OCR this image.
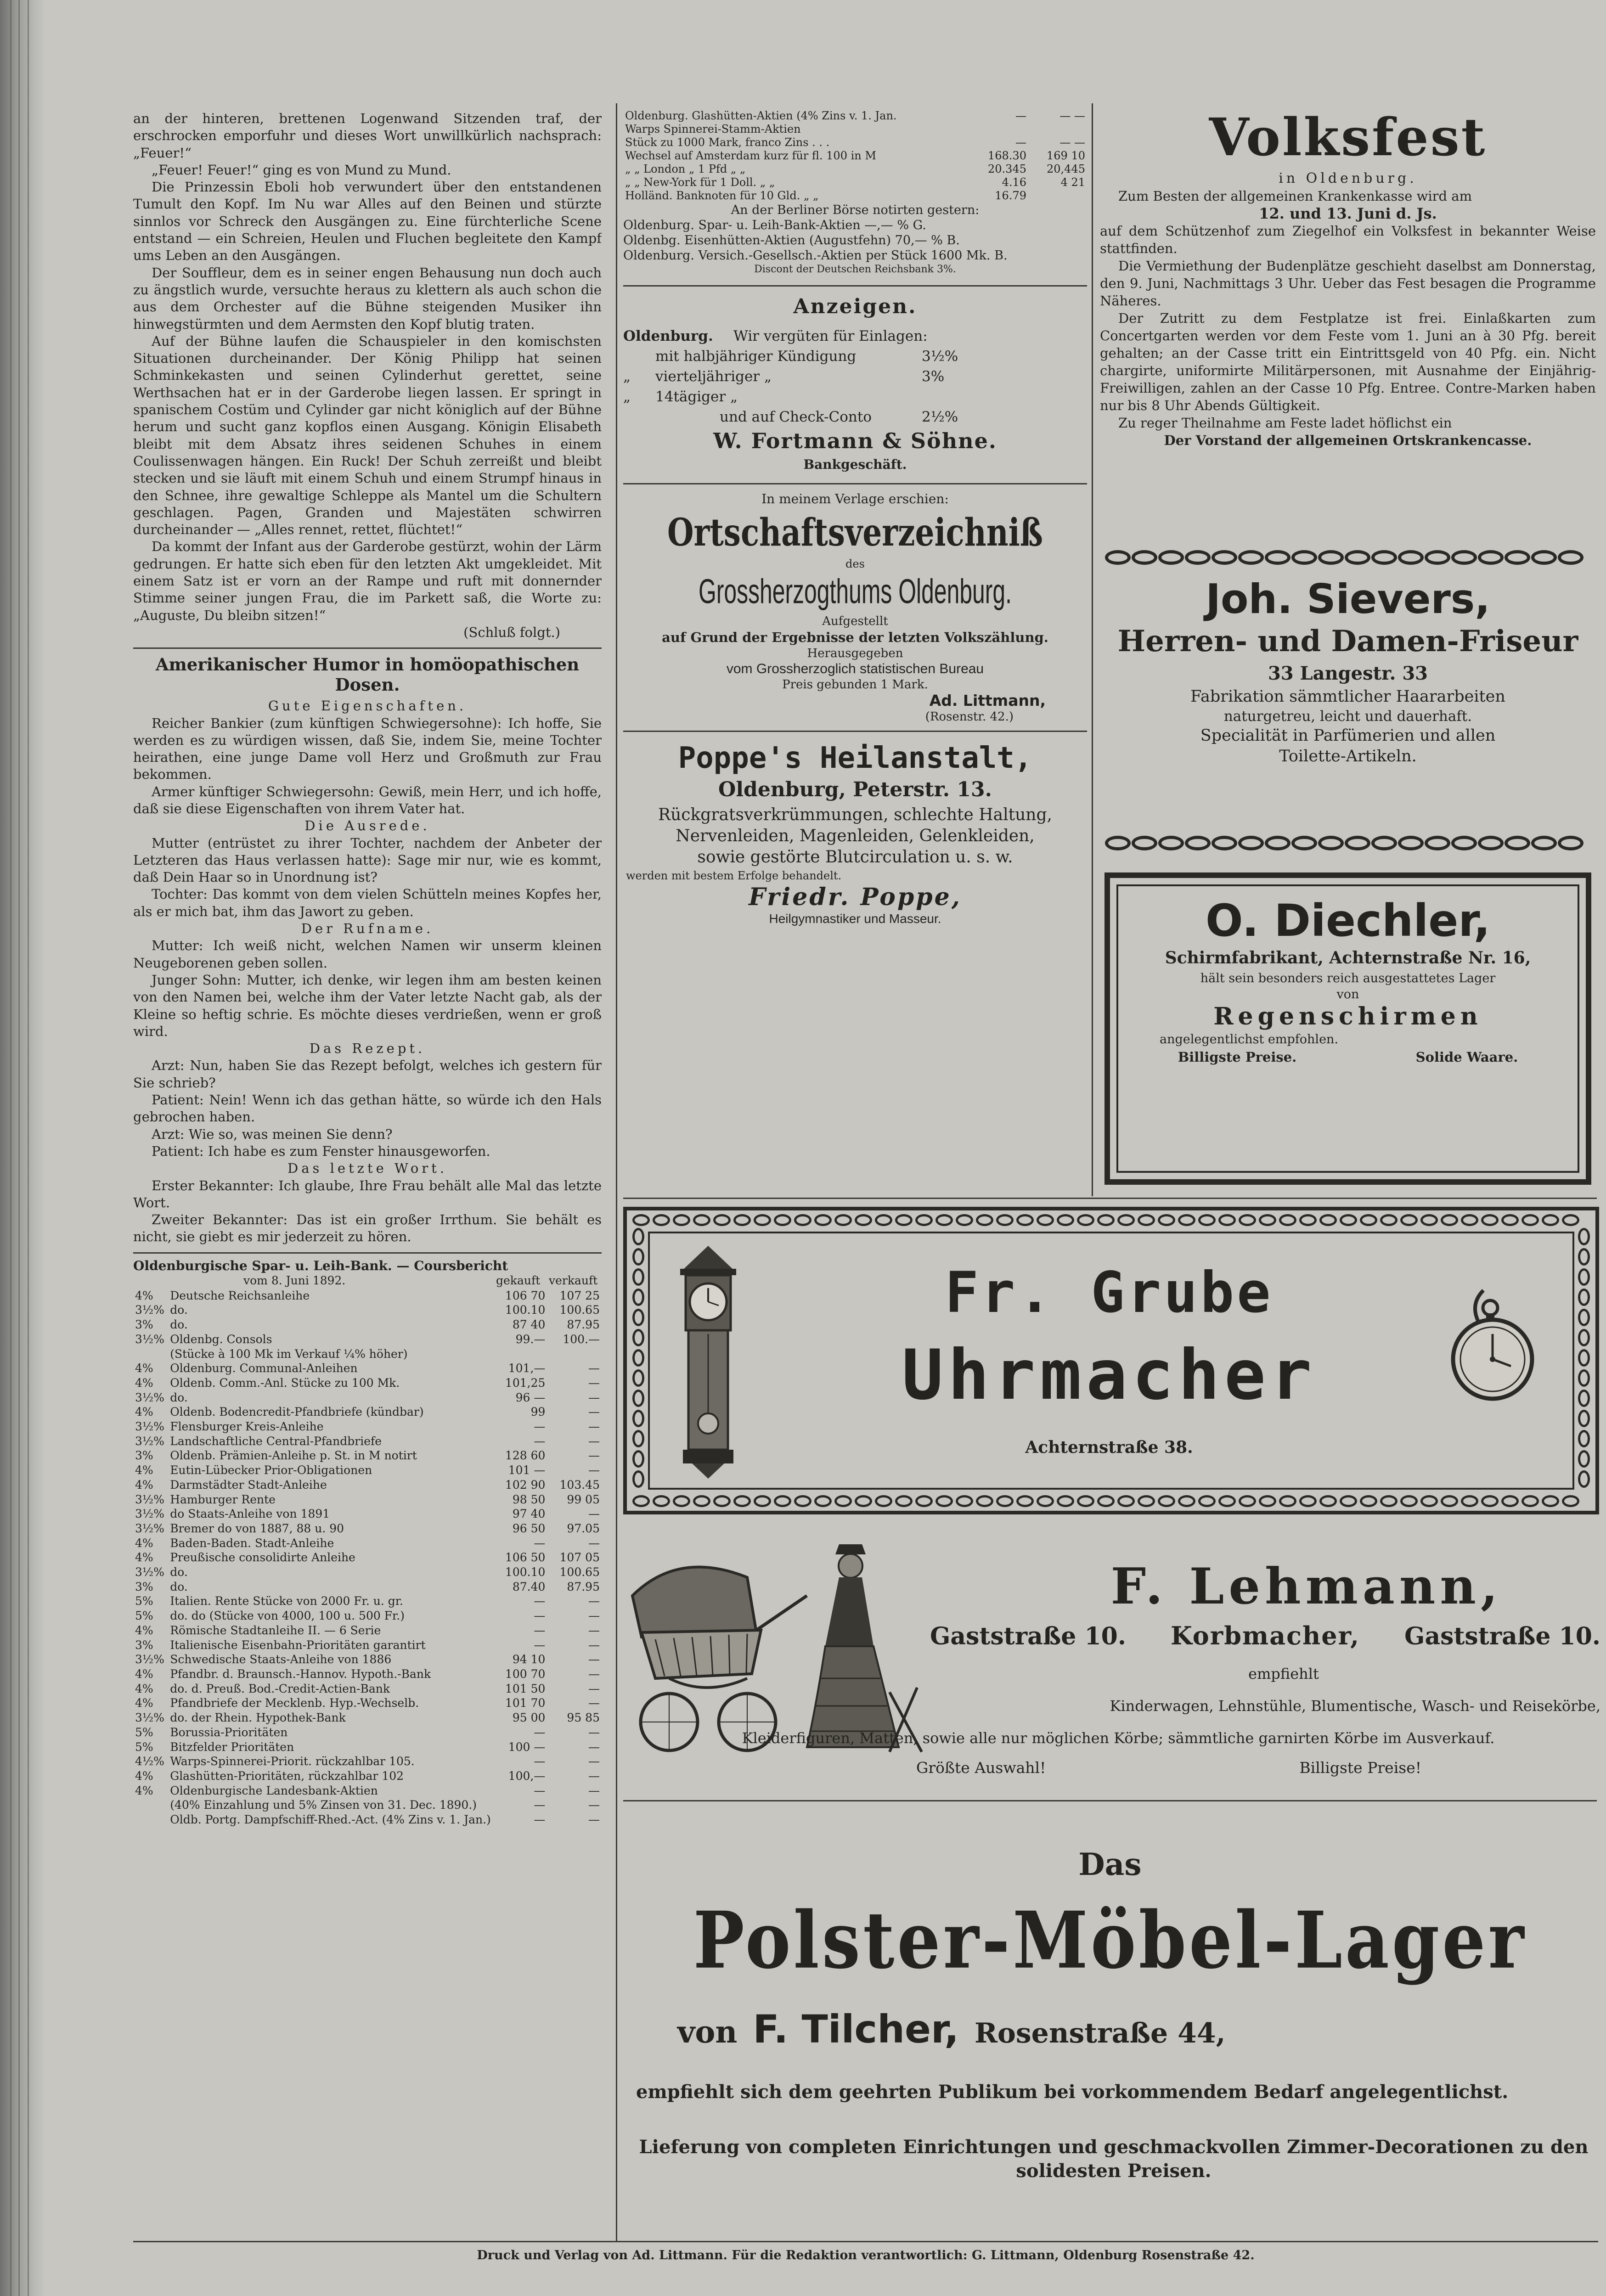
an der hinteren, brettenen Logenwand Sitzenden traf, der erschrocken emporfuhr und dieses Wort unwillkürlich nachsprach: „Feuer!“

„Feuer! Feuer!“ ging es von Mund zu Mund.

Die Prinzessin Eboli hob verwundert über den entstandenen Tumult den Kopf. Im Nu war Alles auf den Beinen und stürzte sinnlos vor Schreck den Ausgängen zu. Eine fürchterliche Scene entstand — ein Schreien, Heulen und Fluchen begleitete den Kampf ums Leben an den Ausgängen.

Der Souffleur, dem es in seiner engen Behausung nun doch auch zu ängstlich wurde, versuchte heraus zu klettern als auch schon die aus dem Orchester auf die Bühne steigenden Musiker ihn hinwegstürmten und dem Aermsten den Kopf blutig traten.

Auf der Bühne laufen die Schauspieler in den komischsten Situationen durcheinander. Der König Philipp hat seinen Schminkekasten und seinen Cylinderhut gerettet, seine Werthsachen hat er in der Garderobe liegen lassen. Er springt in spanischem Costüm und Cylinder gar nicht königlich auf der Bühne herum und sucht ganz kopflos einen Ausgang. Königin Elisabeth bleibt mit dem Absatz ihres seidenen Schuhes in einem Coulissenwagen hängen. Ein Ruck! Der Schuh zerreißt und bleibt stecken und sie läuft mit einem Schuh und einem Strumpf hinaus in den Schnee, ihre gewaltige Schleppe als Mantel um die Schultern geschlagen. Pagen, Granden und Majestäten schwirren durcheinander — „Alles rennet, rettet, flüchtet!“

Da kommt der Infant aus der Garderobe gestürzt, wohin der Lärm gedrungen. Er hatte sich eben für den letzten Akt umgekleidet. Mit einem Satz ist er vorn an der Rampe und ruft mit donnernder Stimme seiner jungen Frau, die im Parkett saß, die Worte zu: „Auguste, Du bleibn sitzen!“

(Schluß folgt.)

Amerikanischer Humor in homöopathischen Dosen.

Gute Eigenschaften.

Reicher Bankier (zum künftigen Schwiegersohne): Ich hoffe, Sie werden es zu würdigen wissen, daß Sie, indem Sie, meine Tochter heirathen, eine junge Dame voll Herz und Großmuth zur Frau bekommen.

Armer künftiger Schwiegersohn: Gewiß, mein Herr, und ich hoffe, daß sie diese Eigenschaften von ihrem Vater hat.

Die Ausrede.

Mutter (entrüstet zu ihrer Tochter, nachdem der Anbeter der Letzteren das Haus verlassen hatte): Sage mir nur, wie es kommt, daß Dein Haar so in Unordnung ist?

Tochter: Das kommt von dem vielen Schütteln meines Kopfes her, als er mich bat, ihm das Jawort zu geben.

Der Rufname.

Mutter: Ich weiß nicht, welchen Namen wir unserm kleinen Neugeborenen geben sollen.

Junger Sohn: Mutter, ich denke, wir legen ihm am besten keinen von den Namen bei, welche ihm der Vater letzte Nacht gab, als der Kleine so heftig schrie. Es möchte dieses verdrießen, wenn er groß wird.

Das Rezept.

Arzt: Nun, haben Sie das Rezept befolgt, welches ich gestern für Sie schrieb?

Patient: Nein! Wenn ich das gethan hätte, so würde ich den Hals gebrochen haben.

Arzt: Wie so, was meinen Sie denn?

Patient: Ich habe es zum Fenster hinausgeworfen.

Das letzte Wort.

Erster Bekannter: Ich glaube, Ihre Frau behält alle Mal das letzte Wort.

Zweiter Bekannter: Das ist ein großer Irrthum. Sie behält es nicht, sie giebt es mir jederzeit zu hören.

Oldenburgische Spar- u. Leih-Bank. — Coursbericht
vom 8. Juni 1892.	gekauft verkauft
4%	Deutsche Reichsanleihe	106 70	107 25
3½%	do.	100.10	100.65
3%	do.	87 40	87.95
3½%	Oldenbg. Consols	99.—	100.—
	(Stücke à 100 Mk im Verkauf ¼% höher)		
4%	Oldenburg. Communal-Anleihen	101,—	—
4%	Oldenb. Comm.-Anl. Stücke zu 100 Mk.	101,25	—
3½%	do.	96 —	—
4%	Oldenb. Bodencredit-Pfandbriefe (kündbar)	99	—
3½%	Flensburger Kreis-Anleihe	—	—
3½%	Landschaftliche Central-Pfandbriefe	—	—
3%	Oldenb. Prämien-Anleihe p. St. in M notirt	128 60	—
4%	Eutin-Lübecker Prior-Obligationen	101 —	—
4%	Darmstädter Stadt-Anleihe	102 90	103.45
3½%	Hamburger Rente	98 50	99 05
3½%	do Staats-Anleihe von 1891	97 40	—
3½%	Bremer do von 1887, 88 u. 90	96 50	97.05
4%	Baden-Baden. Stadt-Anleihe	—	—
4%	Preußische consolidirte Anleihe	106 50	107 05
3½%	do.	100.10	100.65
3%	do.	87.40	87.95
5%	Italien. Rente Stücke von 2000 Fr. u. gr.	—	—
5%	do. do (Stücke von 4000, 100 u. 500 Fr.)	—	—
4%	Römische Stadtanleihe II. — 6 Serie	—	—
3%	Italienische Eisenbahn-Prioritäten garantirt	—	—
3½%	Schwedische Staats-Anleihe von 1886	94 10	—
4%	Pfandbr. d. Braunsch.-Hannov. Hypoth.-Bank	100 70	—
4%	do. d. Preuß. Bod.-Credit-Actien-Bank	101 50	—
4%	Pfandbriefe der Mecklenb. Hyp.-Wechselb.	101 70	—
3½%	do. der Rhein. Hypothek-Bank	95 00	95 85
5%	Borussia-Prioritäten	—	—
5%	Bitzfelder Prioritäten	100 —	—
4½%	Warps-Spinnerei-Priorit. rückzahlbar 105.	—	—
4%	Glashütten-Prioritäten, rückzahlbar 102	100,—	—
4%	Oldenburgische Landesbank-Aktien	—	—
	(40% Einzahlung und 5% Zinsen von 31. Dec. 1890.)	—	—
	Oldb. Portg. Dampfschiff-Rhed.-Act. (4% Zins v. 1. Jan.)	—	—
Oldenburg. Glashütten-Aktien (4% Zins v. 1. Jan.	—	— —
Warps Spinnerei-Stamm-Aktien		
Stück zu 1000 Mark, franco Zins . . .	—	— —
Wechsel auf Amsterdam kurz für fl. 100 in M	168.30	169 10
„ „ London „ 1 Pfd „ „	20.345	20,445
„ „ New-York für 1 Doll. „ „	4.16	4 21
Holländ. Banknoten für 10 Gld. „ „	16.79	
An der Berliner Börse notirten gestern:
Oldenburg. Spar- u. Leih-Bank-Aktien —,— % G.
Oldenbg. Eisenhütten-Aktien (Augustfehn) 70,— % B.
Oldenburg. Versich.-Gesellsch.-Aktien per Stück 1600 Mk. B.
Discont der Deutschen Reichsbank 3%.
Anzeigen.
Oldenburg.	Wir vergüten für Einlagen:
mit halbjähriger Kündigung	3½%
„	vierteljähriger „	3%
„	14tägiger „
und auf Check-Conto	2½%
W. Fortmann & Söhne.
Bankgeschäft.
In meinem Verlage erschien:
Ortschaftsverzeichniß
des
Grossherzogthums Oldenburg.
Aufgestellt
auf Grund der Ergebnisse der letzten Volkszählung.
Herausgegeben
vom Grossherzoglich statistischen Bureau
Preis gebunden 1 Mark.
Ad. Littmann,
(Rosenstr. 42.)
Poppe's Heilanstalt,
Oldenburg, Peterstr. 13.
Rückgratsverkrümmungen, schlechte Haltung,
Nervenleiden, Magenleiden, Gelenkleiden,
sowie gestörte Blutcirculation u. s. w.
werden mit bestem Erfolge behandelt.
Friedr. Poppe,
Heilgymnastiker und Masseur.
Volksfest
in Oldenburg.

Zum Besten der allgemeinen Krankenkasse wird am

12. und 13. Juni d. Js.

auf dem Schützenhof zum Ziegelhof ein Volksfest in bekannter Weise stattfinden.

Die Vermiethung der Budenplätze geschieht daselbst am Donnerstag, den 9. Juni, Nachmittags 3 Uhr. Ueber das Fest besagen die Programme Näheres.

Der Zutritt zu dem Festplatze ist frei. Einlaßkarten zum Concertgarten werden vor dem Feste vom 1. Juni an à 30 Pfg. bereit gehalten; an der Casse tritt ein Eintrittsgeld von 40 Pfg. ein. Nicht chargirte, uniformirte Militärpersonen, mit Ausnahme der Einjährig-Freiwilligen, zahlen an der Casse 10 Pfg. Entree. Contre-Marken haben nur bis 8 Uhr Abends Gültigkeit.

Zu reger Theilnahme am Feste ladet höflichst ein

Der Vorstand der allgemeinen Ortskrankencasse.

Joh. Sievers,
Herren- und Damen-Friseur
33 Langestr. 33
Fabrikation sämmtlicher Haararbeiten
naturgetreu, leicht und dauerhaft.
Specialität in Parfümerien und allen
Toilette-Artikeln.
O. Diechler,
Schirmfabrikant, Achternstraße Nr. 16,
hält sein besonders reich ausgestattetes Lager
von
Regenschirmen
angelegentlichst empfohlen.
Billigste Preise.	Solide Waare.
Fr. Grube
Uhrmacher
Achternstraße 38.
F. Lehmann,
Gaststraße 10. Korbmacher, Gaststraße 10.
empfiehlt
Kinderwagen, Lehnstühle, Blumentische, Wasch- und Reisekörbe,
Kleiderfiguren, Matten, sowie alle nur möglichen Körbe; sämmtliche garnirten Körbe im Ausverkauf.
Größte Auswahl!	Billigste Preise!
Das
Polster-Möbel-Lager
von F. Tilcher, Rosenstraße 44,
empfiehlt sich dem geehrten Publikum bei vorkommendem Bedarf angelegentlichst.
Lieferung von completen Einrichtungen und geschmackvollen Zimmer-Decorationen zu den solidesten Preisen.
Druck und Verlag von Ad. Littmann. Für die Redaktion verantwortlich: G. Littmann, Oldenburg Rosenstraße 42.
